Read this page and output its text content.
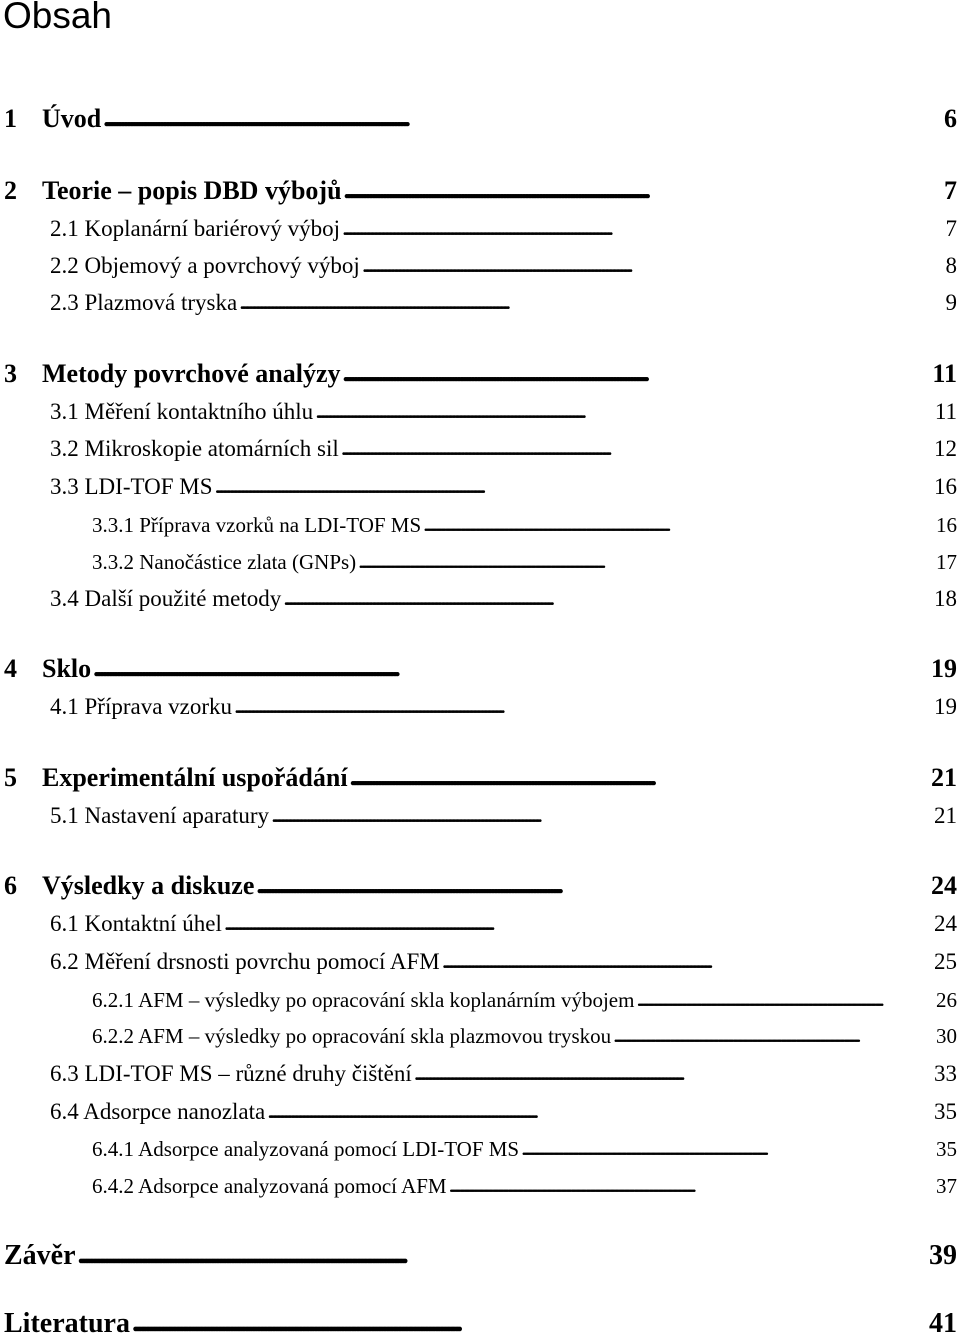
Obsah
1 Úvod . . .	6
2 Teorie – popis DBD výbojů . . .	7
2.1 Koplanární bariérový výboj . . .	7
2.2 Objemový a povrchový výboj . . .	8
2.3 Plazmová tryska . . .	9
3 Metody povrchové analýzy . . .	11
3.1 Měření kontaktního úhlu . . .	11
3.2 Mikroskopie atomárních sil . . .	12
3.3 LDI-TOF MS . . .	16
3.3.1 Příprava vzorků na LDI-TOF MS . . .	16
3.3.2 Nanočástice zlata (GNPs) . . .	17
3.4 Další použité metody . . .	18
4 Sklo . . .	19
4.1 Příprava vzorku . . .	19
5 Experimentální uspořádání . . .	21
5.1 Nastavení aparatury . . .	21
6 Výsledky a diskuze . . .	24
6.1 Kontaktní úhel . . .	24
6.2 Měření drsnosti povrchu pomocí AFM . . .	25
6.2.1 AFM – výsledky po opracování skla koplanárním výbojem . . .	26
6.2.2 AFM – výsledky po opracování skla plazmovou tryskou . . .	30
6.3 LDI-TOF MS – různé druhy čištění . . .	33
6.4 Adsorpce nanozlata . . .	35
6.4.1 Adsorpce analyzovaná pomocí LDI-TOF MS . . .	35
6.4.2 Adsorpce analyzovaná pomocí AFM . . .	37
Závěr . . .	39
Literatura . . .	41
